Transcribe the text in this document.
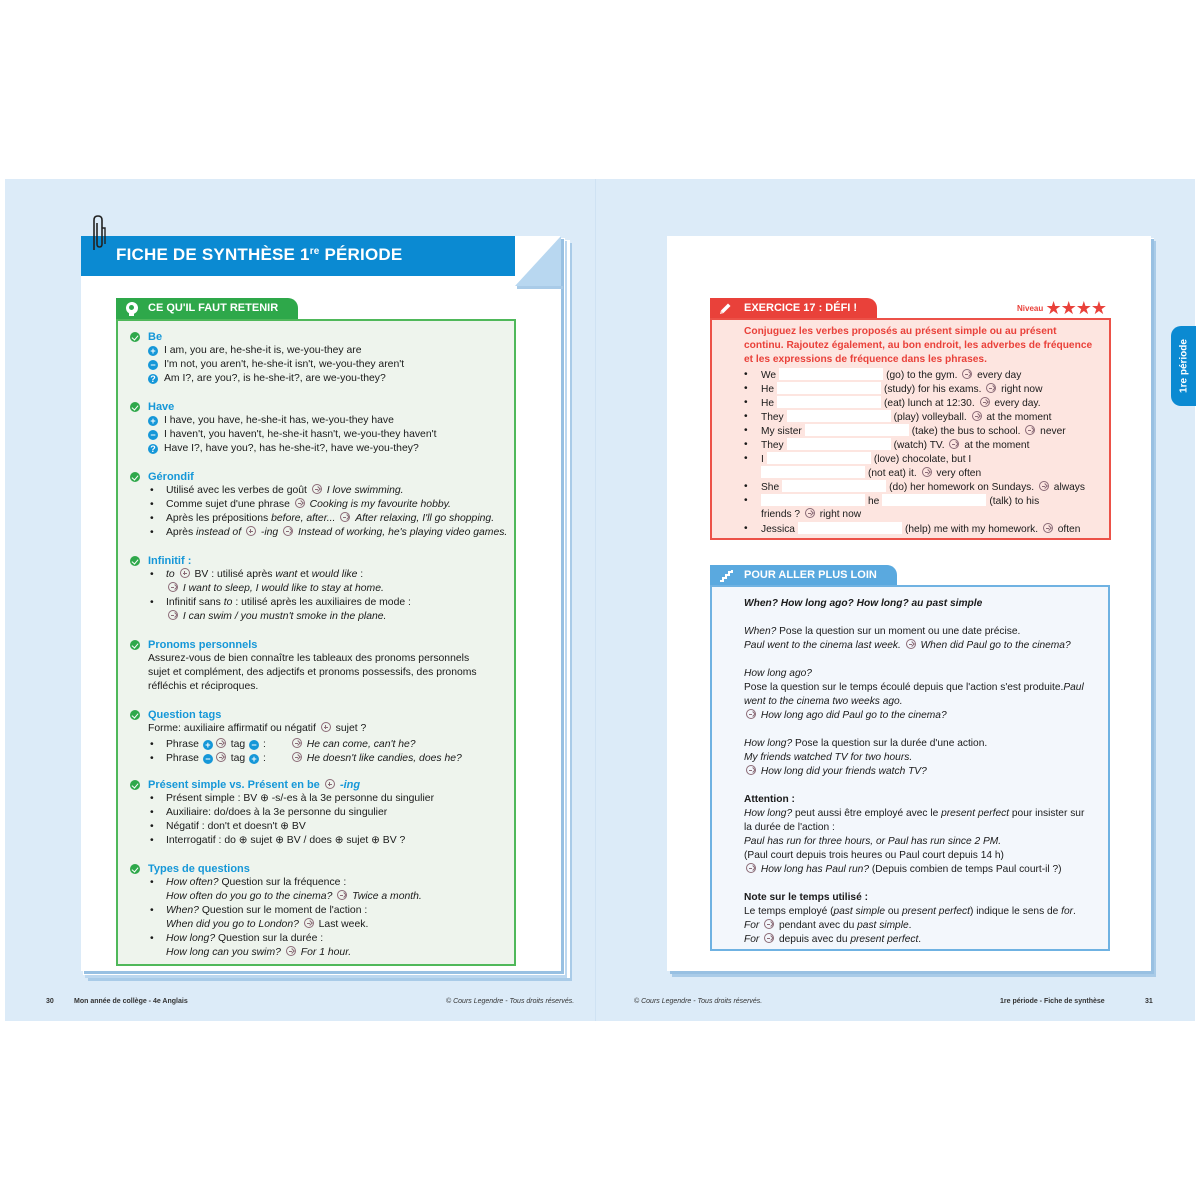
FICHE DE SYNTHÈSE 1re PÉRIODE
CE QU'IL FAUT RETENIR
Be
+ I am, you are, he-she-it is, we-you-they are
− I'm not, you aren't, he-she-it isn't, we-you-they aren't
? Am I?, are you?, is he-she-it?, are we-you-they?
Have
+ I have, you have, he-she-it has, we-you-they have
− I haven't, you haven't, he-she-it hasn't, we-you-they haven't
? Have I?, have you?, has he-she-it?, have we-you-they?
Gérondif
• Utilisé avec les verbes de goût I love swimming.
• Comme sujet d'une phrase Cooking is my favourite hobby.
• Après les prépositions before, after... After relaxing, I'll go shopping.
• Après instead of -ing Instead of working, he's playing video games.
Infinitif :
• to BV : utilisé après want et would like :
I want to sleep, I would like to stay at home.
• Infinitif sans to : utilisé après les auxiliaires de mode :
I can swim / you mustn't smoke in the plane.
Pronoms personnels
Assurez-vous de bien connaître les tableaux des pronoms personnels sujet et complément, des adjectifs et pronoms possessifs, des pronoms réfléchis et réciproques.
Question tags
Forme: auxiliaire affirmatif ou négatif sujet ?
• Phrase + tag − :	He can come, can't he?
• Phrase − tag + :	He doesn't like candies, does he?
Présent simple vs. Présent en be -ing
• Présent simple : BV ⊕ -s/-es à la 3e personne du singulier
• Auxiliaire: do/does à la 3e personne du singulier
• Négatif : don't et doesn't ⊕ BV
• Interrogatif : do ⊕ sujet ⊕ BV / does ⊕ sujet ⊕ BV ?
Types de questions
• How often? Question sur la fréquence :
How often do you go to the cinema? Twice a month.
• When? Question sur le moment de l'action :
When did you go to London? Last week.
• How long? Question sur la durée :
How long can you swim? For 1 hour.
30	Mon année de collège - 4e Anglais	© Cours Legendre - Tous droits réservés.
1re période
EXERCICE 17 : DÉFI !	Niveau ★★★★
Conjuguez les verbes proposés au présent simple ou au présent continu. Rajoutez également, au bon endroit, les adverbes de fréquence et les expressions de fréquence dans les phrases.
• We	(go) to the gym. every day
• He	(study) for his exams. right now
• He	(eat) lunch at 12:30. every day.
• They	(play) volleyball. at the moment
• My sister	(take) the bus to school. never
• They	(watch) TV. at the moment
• I	(love) chocolate, but I
(not eat) it. very often
• She	(do) her homework on Sundays. always
• he	(talk) to his
friends ? right now
• Jessica	(help) me with my homework. often
POUR ALLER PLUS LOIN
When? How long ago? How long? au past simple
When? Pose la question sur un moment ou une date précise.
Paul went to the cinema last week. When did Paul go to the cinema?
How long ago?
Pose la question sur le temps écoulé depuis que l'action s'est produite.Paul
went to the cinema two weeks ago.
How long ago did Paul go to the cinema?
How long? Pose la question sur la durée d'une action.
My friends watched TV for two hours.
How long did your friends watch TV?
Attention :
How long? peut aussi être employé avec le present perfect pour insister sur
la durée de l'action :
Paul has run for three hours, or Paul has run since 2 PM.
(Paul court depuis trois heures ou Paul court depuis 14 h)
How long has Paul run? (Depuis combien de temps Paul court-il ?)
Note sur le temps utilisé :
Le temps employé (past simple ou present perfect) indique le sens de for.
For  pendant avec du past simple.
For  depuis avec du present perfect.
© Cours Legendre - Tous droits réservés.	1re période - Fiche de synthèse	31
